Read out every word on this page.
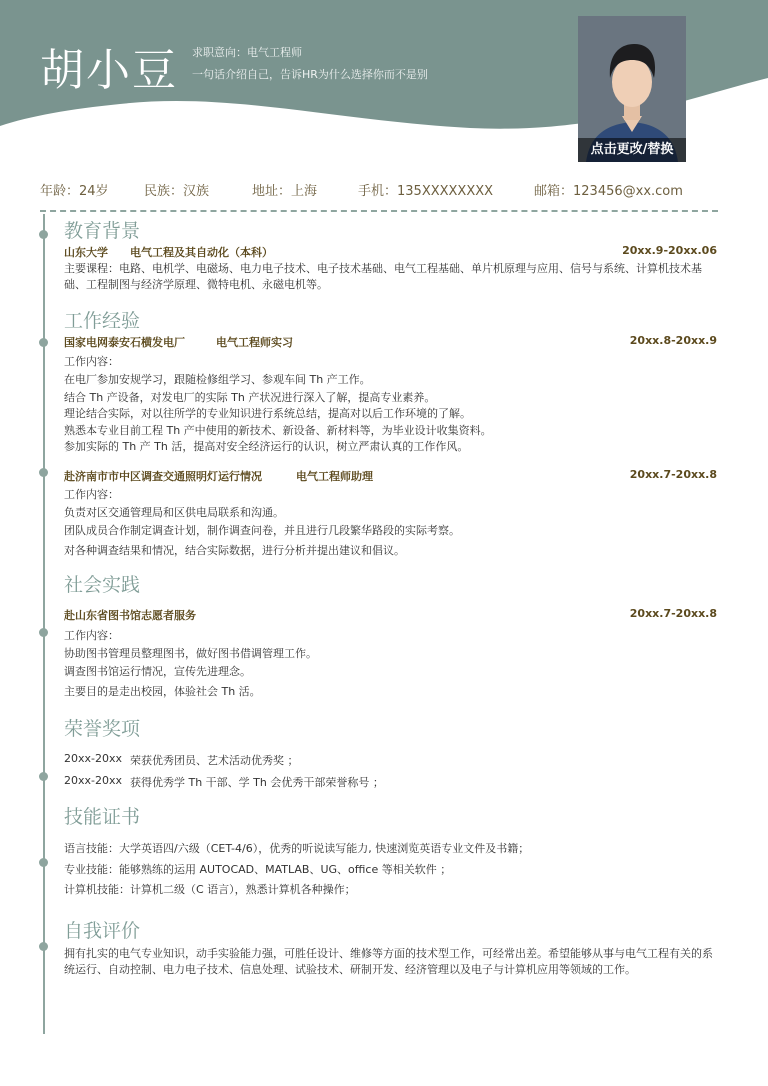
胡小豆 求职意向：电气工程师
一句话介绍自己，告诉HR为什么选择你而不是别
点击更改/替换
年龄：24岁	民族：汉族	地址：上海	手机：135XXXXXXXX	邮箱：123456@xx.com
教育背景
山东大学 电气工程及其自动化（本科）	20xx.9-20xx.06
主要课程：电路、电机学、电磁场、电力电子技术、电子技术基础、电气工程基础、单片机原理与应用、信号与系统、计算机技术基础、工程制图与经济学原理、微特电机、永磁电机等。
工作经验
国家电网泰安石横发电厂	电气工程师实习	20xx.8-20xx.9
工作内容：
在电厂参加安规学习，跟随检修组学习、参观车间 Th 产工作。
结合 Th 产设备，对发电厂的实际 Th 产状况进行深入了解，提高专业素养。
理论结合实际，对以往所学的专业知识进行系统总结，提高对以后工作环境的了解。
熟悉本专业目前工程 Th 产中使用的新技术、新设备、新材料等，为毕业设计收集资料。
参加实际的 Th 产 Th 活，提高对安全经济运行的认识，树立严肃认真的工作作风。
赴济南市市中区调查交通照明灯运行情况	电气工程师助理	20xx.7-20xx.8
工作内容：
负责对区交通管理局和区供电局联系和沟通。
团队成员合作制定调查计划，制作调查问卷，并且进行几段繁华路段的实际考察。
对各种调查结果和情况，结合实际数据，进行分析并提出建议和倡议。
社会实践
赴山东省图书馆志愿者服务	20xx.7-20xx.8
工作内容：
协助图书管理员整理图书，做好图书借调管理工作。
调查图书馆运行情况，宣传先进理念。
主要目的是走出校园，体验社会 Th 活。
荣誉奖项
20xx-20xx 荣获优秀团员、艺术活动优秀奖 ；
20xx-20xx 获得优秀学 Th 干部、学 Th 会优秀干部荣誉称号 ；
技能证书
语言技能：大学英语四/六级（CET-4/6），优秀的听说读写能力, 快速浏览英语专业文件及书籍；
专业技能：能够熟练的运用 AUTOCAD、MATLAB、UG、office 等相关软件 ；
计算机技能：计算机二级（C 语言），熟悉计算机各种操作；
自我评价
拥有扎实的电气专业知识，动手实验能力强，可胜任设计、维修等方面的技术型工作，可经常出差。希望能够从事与电气工程有关的系统运行、自动控制、电力电子技术、信息处理、试验技术、研制开发、经济管理以及电子与计算机应用等领域的工作。
